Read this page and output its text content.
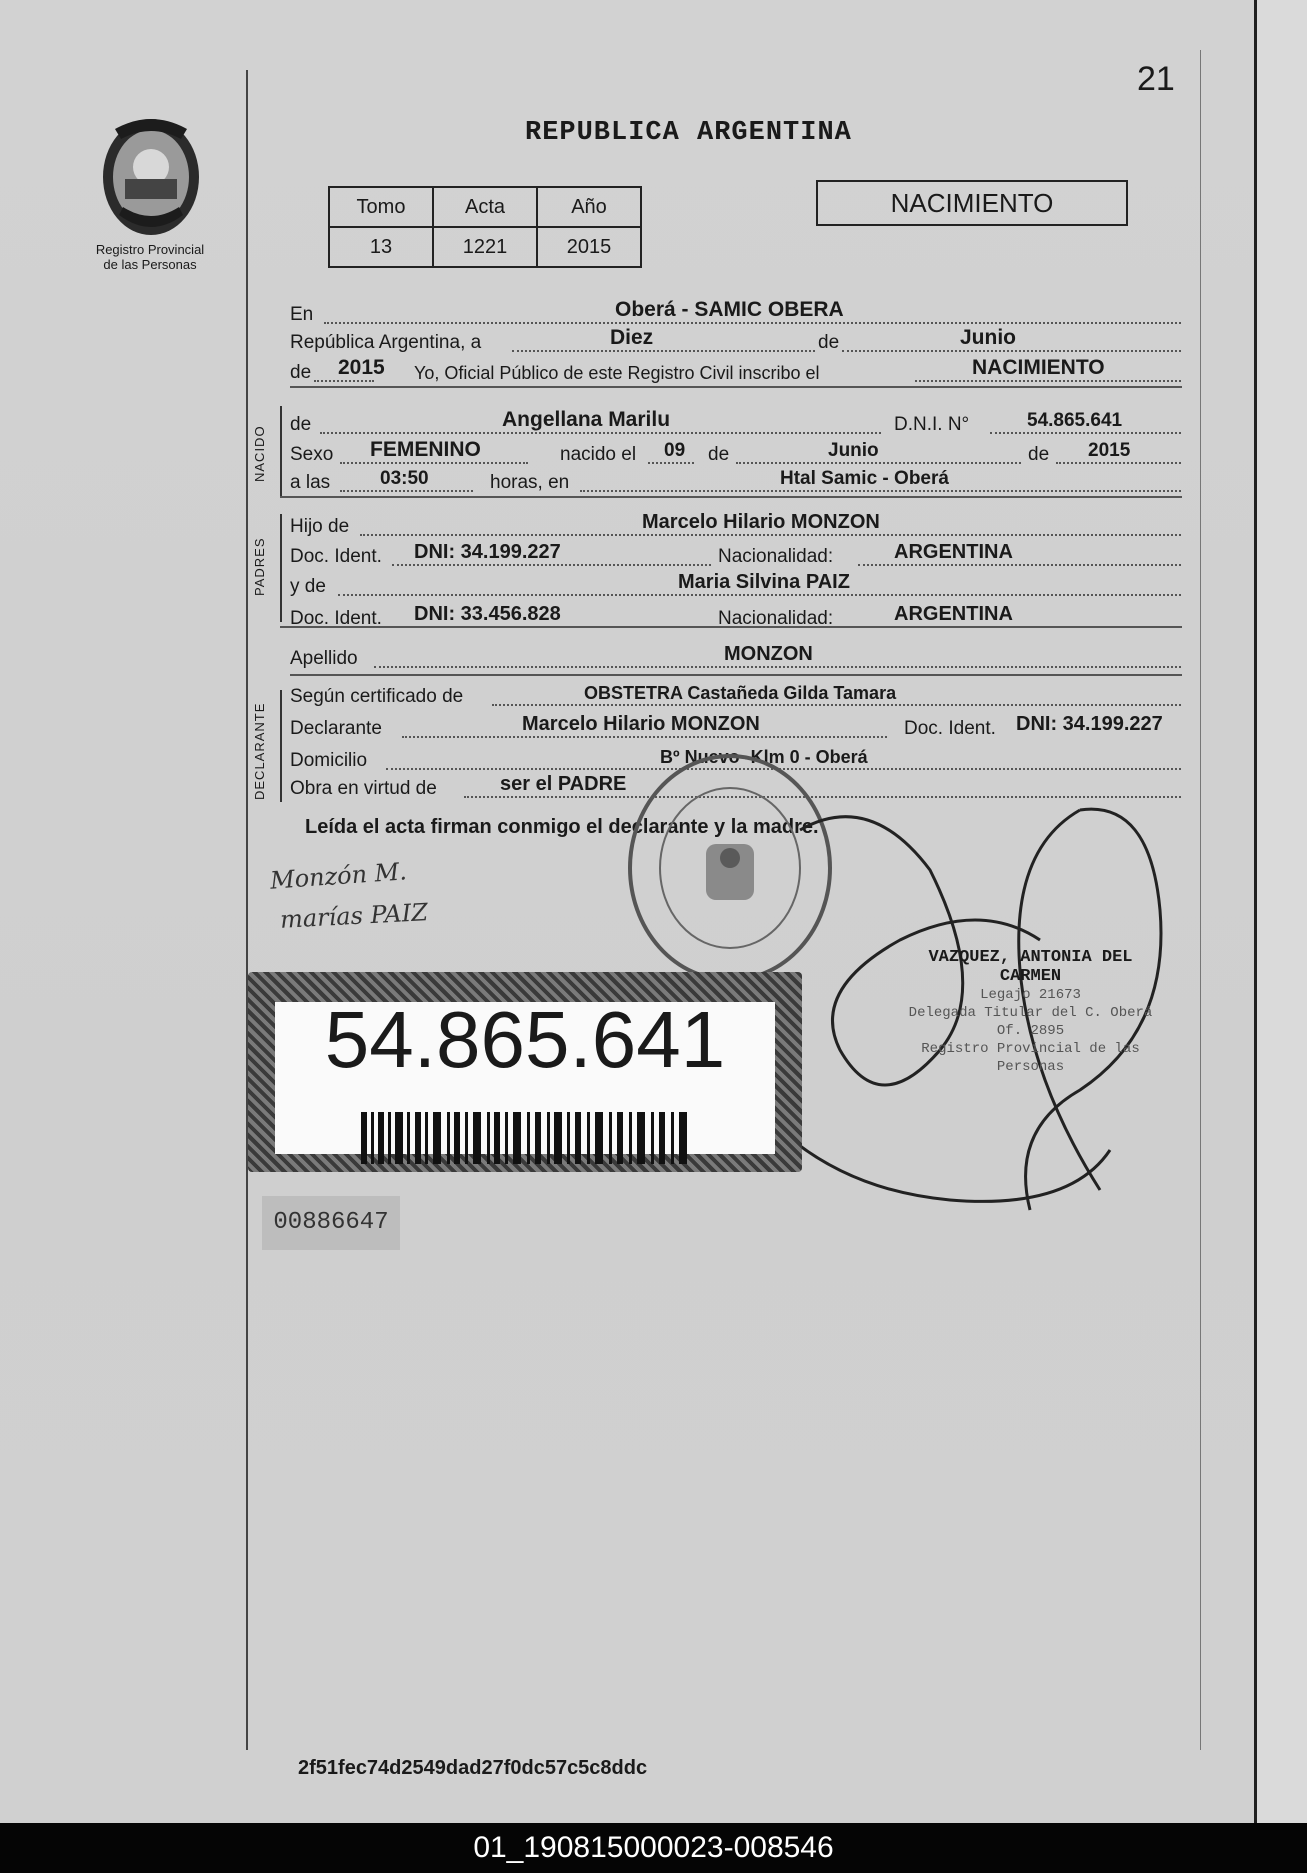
21
Registro Provincial
de las Personas
REPUBLICA ARGENTINA
Tomo	Acta	Año
13	1221	2015
NACIMIENTO
En	Oberá - SAMIC OBERA
República Argentina, a	Diez	de	Junio
de 2015 Yo, Oficial Público de este Registro Civil inscribo el	NACIMIENTO
NACIDO
de	Angellana Marilu	D.N.I. N°	54.865.641
Sexo FEMENINO	nacido el 09 de	Junio	de 2015
a las	03:50	horas, en	Htal Samic - Oberá
PADRES
Hijo de	Marcelo Hilario MONZON
Doc. Ident. DNI: 34.199.227	Nacionalidad:	ARGENTINA
y de	Maria Silvina PAIZ
Doc. Ident. DNI: 33.456.828	Nacionalidad:	ARGENTINA
Apellido	MONZON
DECLARANTE
Según certificado de	OBSTETRA Castañeda Gilda Tamara
Declarante	Marcelo Hilario MONZON	Doc. Ident. DNI: 34.199.227
Domicilio	Bº Nuevo -Klm 0 - Oberá
Obra en virtud de	ser el PADRE
Leída el acta firman conmigo el declarante y la madre.
Monzón M.
marías PAIZ
VAZQUEZ, ANTONIA DEL CARMEN
Legajo 21673
Delegada Titular del C. Oberá Of. 2895
Registro Provincial de las Personas
54.865.641
00886647
2f51fec74d2549dad27f0dc57c5c8ddc
01_190815000023-008546
